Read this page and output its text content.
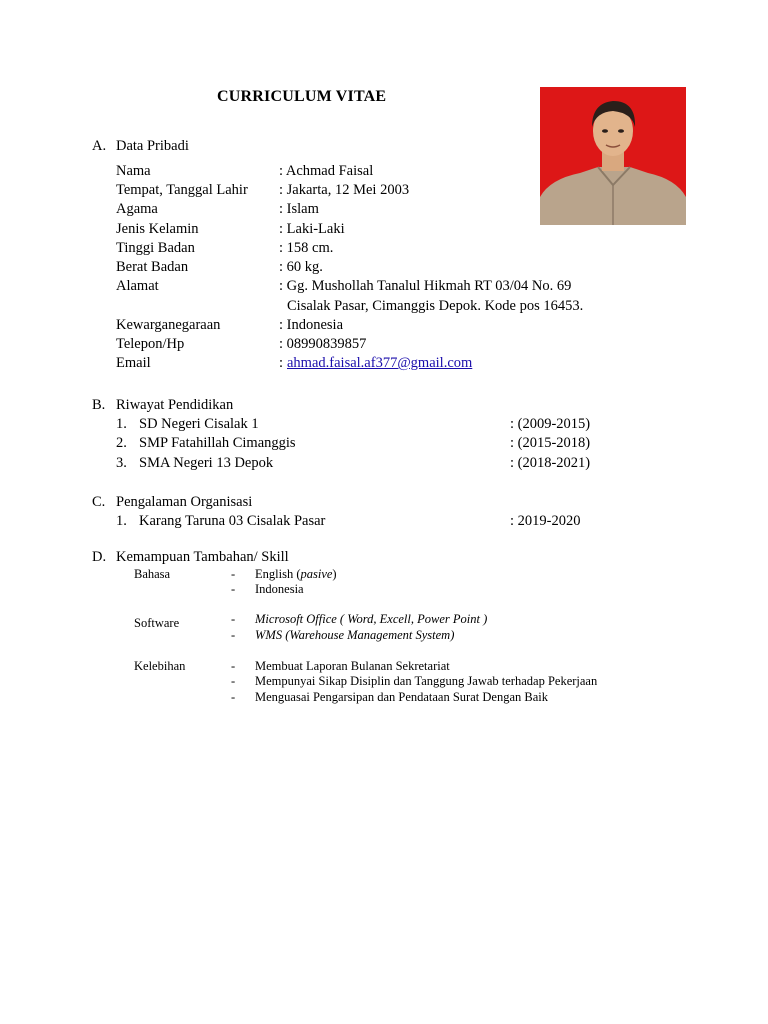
CURRICULUM VITAE
A. Data Pribadi
Nama	: Achmad Faisal
Tempat, Tanggal Lahir : Jakarta, 12 Mei 2003
Agama	: Islam
Jenis Kelamin	: Laki-Laki
Tinggi Badan	: 158 cm.
Berat Badan	: 60 kg.
Alamat	: Gg. Mushollah Tanalul Hikmah RT 03/04 No. 69
Cisalak Pasar, Cimanggis Depok. Kode pos 16453.
Kewarganegaraan	: Indonesia
Telepon/Hp	: 08990839857
Email	: ahmad.faisal.af377@gmail.com
B. Riwayat Pendidikan
1. SD Negeri Cisalak 1	: (2009-2015)
2. SMP Fatahillah Cimanggis	: (2015-2018)
3. SMA Negeri 13 Depok	: (2018-2021)
C. Pengalaman Organisasi
1. Karang Taruna 03 Cisalak Pasar	: 2019-2020
D. Kemampuan Tambahan/ Skill
Bahasa	- English (pasive)
- Indonesia
Software	- Microsoft Office ( Word, Excell, Power Point )
- WMS (Warehouse Management System)
Kelebihan	- Membuat Laporan Bulanan Sekretariat
- Mempunyai Sikap Disiplin dan Tanggung Jawab terhadap Pekerjaan
- Menguasai Pengarsipan dan Pendataan Surat Dengan Baik
